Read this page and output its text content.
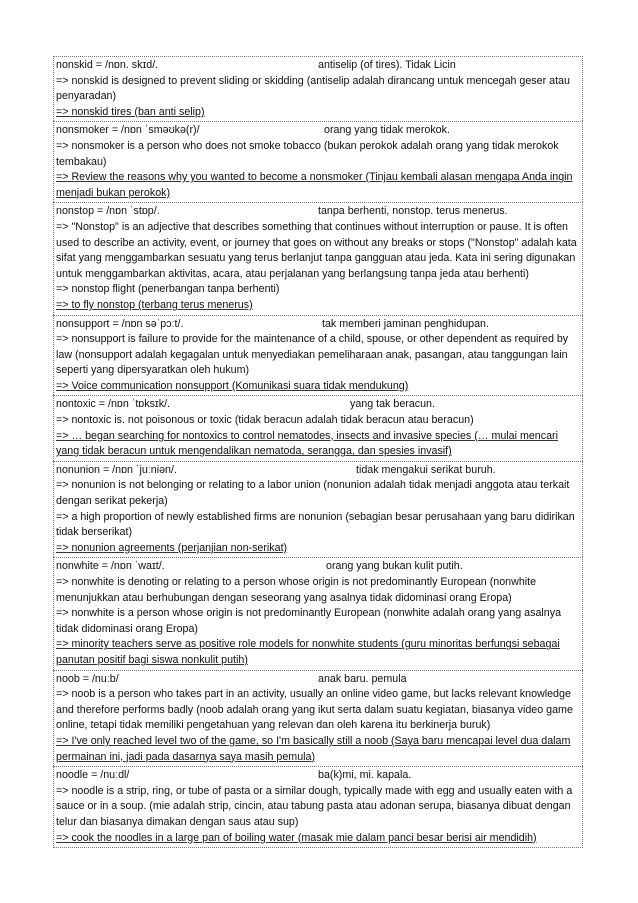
nonskid = /nɒn. skɪd/.	antiselip (of tires). Tidak Licin
=> nonskid is designed to prevent sliding or skidding (antiselip adalah dirancang untuk mencegah geser atau penyaradan)
=> nonskid tires (ban anti selip)
nonsmoker = /nɒn ˈsməʊkə(r)/	orang yang tidak merokok.
=> nonsmoker is a person who does not smoke tobacco (bukan perokok adalah orang yang tidak merokok tembakau)
=> Review the reasons why you wanted to become a nonsmoker (Tinjau kembali alasan mengapa Anda ingin menjadi bukan perokok)
nonstop = /nɒn ˈstɒp/.	tanpa berhenti, nonstop. terus menerus.
=> "Nonstop" is an adjective that describes something that continues without interruption or pause. It is often used to describe an activity, event, or journey that goes on without any breaks or stops ("Nonstop" adalah kata sifat yang menggambarkan sesuatu yang terus berlanjut tanpa gangguan atau jeda. Kata ini sering digunakan untuk menggambarkan aktivitas, acara, atau perjalanan yang berlangsung tanpa jeda atau berhenti)
=> nonstop flight (penerbangan tanpa berhenti)
=> to fly nonstop (terbang terus menerus)
nonsupport = /nɒn səˈpɔːt/.	tak memberi jaminan penghidupan.
=> nonsupport is failure to provide for the maintenance of a child, spouse, or other dependent as required by law (nonsupport adalah kegagalan untuk menyediakan pemeliharaan anak, pasangan, atau tanggungan lain seperti yang dipersyaratkan oleh hukum)
=> Voice communication nonsupport (Komunikasi suara tidak mendukung)
nontoxic = /nɒn ˈtɒksɪk/.	yang tak beracun.
=> nontoxic is. not poisonous or toxic (tidak beracun adalah tidak beracun atau beracun)
=> … began searching for nontoxics to control nematodes, insects and invasive species (… mulai mencari yang tidak beracun untuk mengendalikan nematoda, serangga, dan spesies invasif)
nonunion = /nɒn ˈjuːniən/.	tidak mengakui serikat buruh.
=> nonunion is not belonging or relating to a labor union (nonunion adalah tidak menjadi anggota atau terkait dengan serikat pekerja)
=> a high proportion of newly established firms are nonunion (sebagian besar perusahaan yang baru didirikan tidak berserikat)
=> nonunion agreements (perjanjian non-serikat)
nonwhite = /nɒn ˈwaɪt/.	orang yang bukan kulit putih.
=> nonwhite is denoting or relating to a person whose origin is not predominantly European (nonwhite menunjukkan atau berhubungan dengan seseorang yang asalnya tidak didominasi orang Eropa)
=> nonwhite is a person whose origin is not predominantly European (nonwhite adalah orang yang asalnya tidak didominasi orang Eropa)
=> minority teachers serve as positive role models for nonwhite students (guru minoritas berfungsi sebagai panutan positif bagi siswa nonkulit putih)
noob = /nuːb/	anak baru. pemula
=> noob is a person who takes part in an activity, usually an online video game, but lacks relevant knowledge and therefore performs badly (noob adalah orang yang ikut serta dalam suatu kegiatan, biasanya video game online, tetapi tidak memiliki pengetahuan yang relevan dan oleh karena itu berkinerja buruk)
=> I've only reached level two of the game, so I'm basically still a noob (Saya baru mencapai level dua dalam permainan ini, jadi pada dasarnya saya masih pemula)
noodle = /nuːdl/	ba(k)mi, mi. kapala.
=> noodle is a strip, ring, or tube of pasta or a similar dough, typically made with egg and usually eaten with a sauce or in a soup. (mie adalah strip, cincin, atau tabung pasta atau adonan serupa, biasanya dibuat dengan telur dan biasanya dimakan dengan saus atau sup)
=> cook the noodles in a large pan of boiling water (masak mie dalam panci besar berisi air mendidih)
